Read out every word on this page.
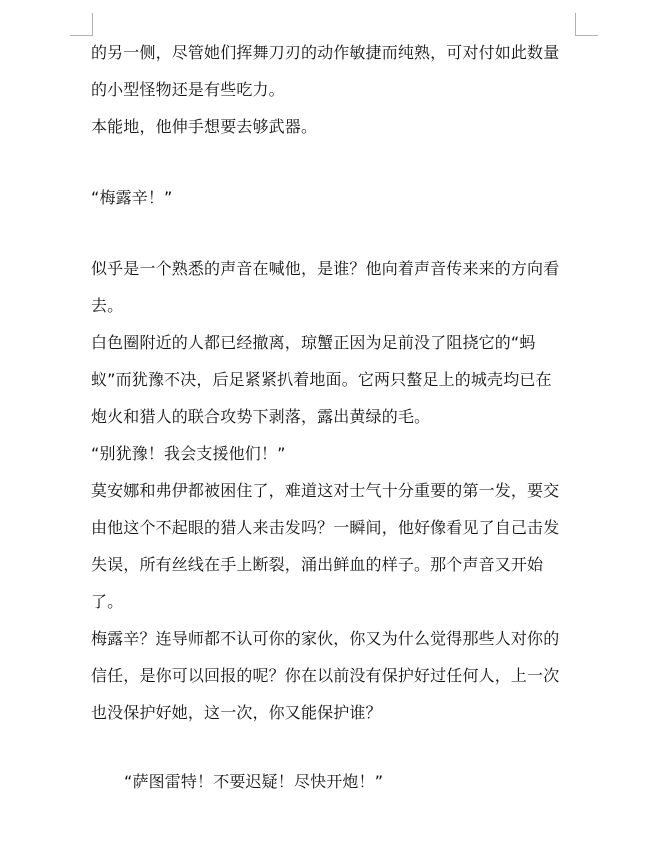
的另一侧，尽管她们挥舞刀刃的动作敏捷而纯熟，可对付如此数量
的小型怪物还是有些吃力。
本能地，他伸手想要去够武器。
“梅露辛！”
似乎是一个熟悉的声音在喊他，是谁？他向着声音传来来的方向看
去。
白色圈附近的人都已经撤离，琼蟹正因为足前没了阻挠它的“蚂
蚁”而犹豫不决，后足紧紧扒着地面。它两只螯足上的城壳均已在
炮火和猎人的联合攻势下剥落，露出黄绿的毛。
“别犹豫！我会支援他们！”
莫安娜和弗伊都被困住了，难道这对士气十分重要的第一发，要交
由他这个不起眼的猎人来击发吗？一瞬间，他好像看见了自己击发
失误，所有丝线在手上断裂，涌出鲜血的样子。那个声音又开始
了。
梅露辛？连导师都不认可你的家伙，你又为什么觉得那些人对你的
信任，是你可以回报的呢？你在以前没有保护好过任何人，上一次
也没保护好她，这一次，你又能保护谁？
“萨图雷特！不要迟疑！尽快开炮！”
